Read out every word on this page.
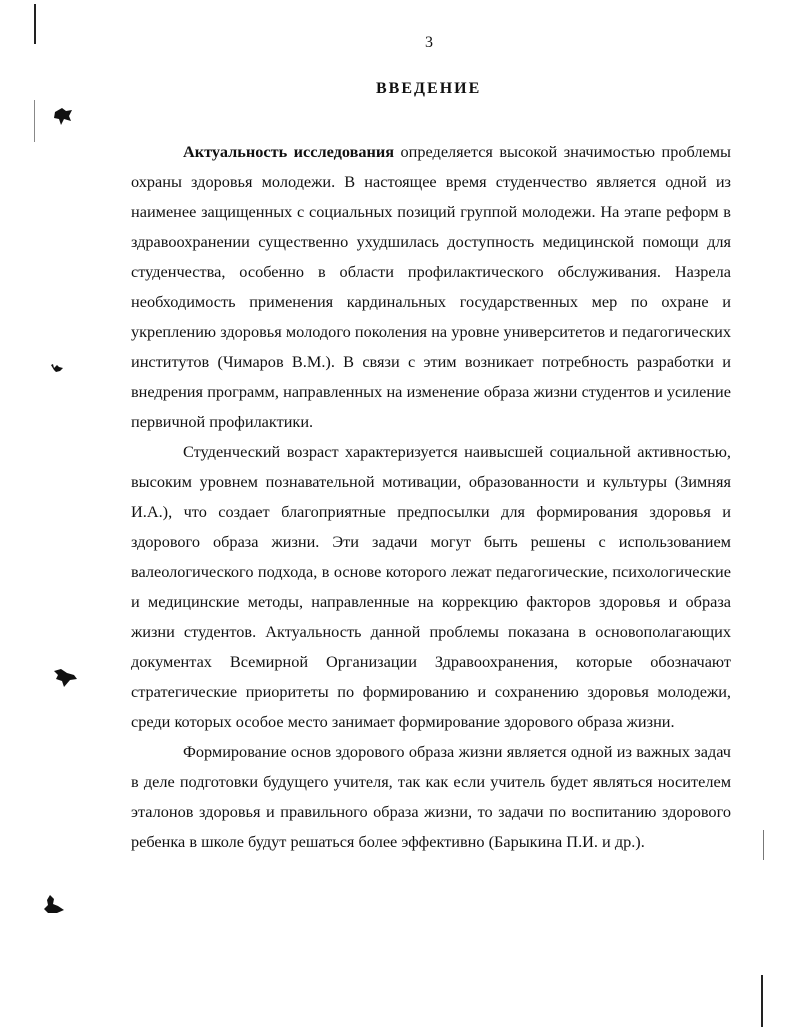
3
ВВЕДЕНИЕ

Актуальность исследования определяется высокой значимостью проблемы охраны здоровья молодежи. В настоящее время студенчество является одной из наименее защищенных с социальных позиций группой молодежи. На этапе реформ в здравоохранении существенно ухудшилась доступность медицинской помощи для студенчества, особенно в области профилактического обслуживания. Назрела необходимость применения кардинальных государственных мер по охране и укреплению здоровья молодого поколения на уровне университетов и педагогических институтов (Чимаров В.М.). В связи с этим возникает потребность разработки и внедрения программ, направленных на изменение образа жизни студентов и усиление первичной профилактики.

Студенческий возраст характеризуется наивысшей социальной активностью, высоким уровнем познавательной мотивации, образованности и культуры (Зимняя И.А.), что создает благоприятные предпосылки для формирования здоровья и здорового образа жизни. Эти задачи могут быть решены с использованием валеологического подхода, в основе которого лежат педагогические, психологические и медицинские методы, направленные на коррекцию факторов здоровья и образа жизни студентов. Актуальность данной проблемы показана в основополагающих документах Всемирной Организации Здравоохранения, которые обозначают стратегические приоритеты по формированию и сохранению здоровья молодежи, среди которых особое место занимает формирование здорового образа жизни.

Формирование основ здорового образа жизни является одной из важных задач в деле подготовки будущего учителя, так как если учитель будет являться носителем эталонов здоровья и правильного образа жизни, то задачи по воспитанию здорового ребенка в школе будут решаться более эффективно (Барыкина П.И. и др.).
